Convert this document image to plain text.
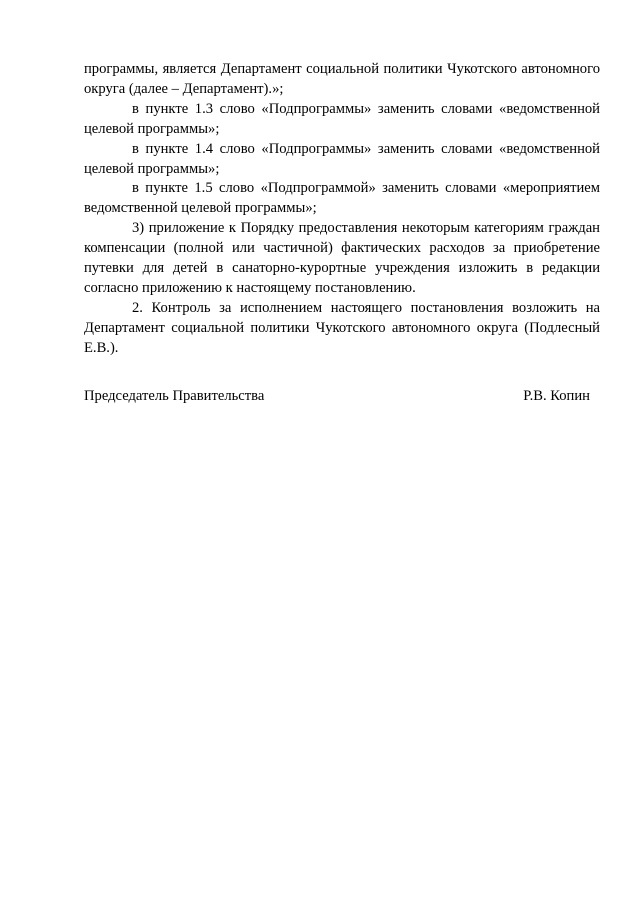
программы, является Департамент социальной политики Чукотского автономного округа (далее – Департамент).»;

в пункте 1.3 слово «Подпрограммы» заменить словами «ведомственной целевой программы»;

в пункте 1.4 слово «Подпрограммы» заменить словами «ведомственной целевой программы»;

в пункте 1.5 слово «Подпрограммой» заменить словами «мероприятием ведомственной целевой программы»;

3) приложение к Порядку предоставления некоторым категориям граждан компенсации (полной или частичной) фактических расходов за приобретение путевки для детей в санаторно-курортные учреждения изложить в редакции согласно приложению к настоящему постановлению.

2. Контроль за исполнением настоящего постановления возложить на Департамент социальной политики Чукотского автономного округа (Подлесный Е.В.).

Председатель Правительства	Р.В. Копин
